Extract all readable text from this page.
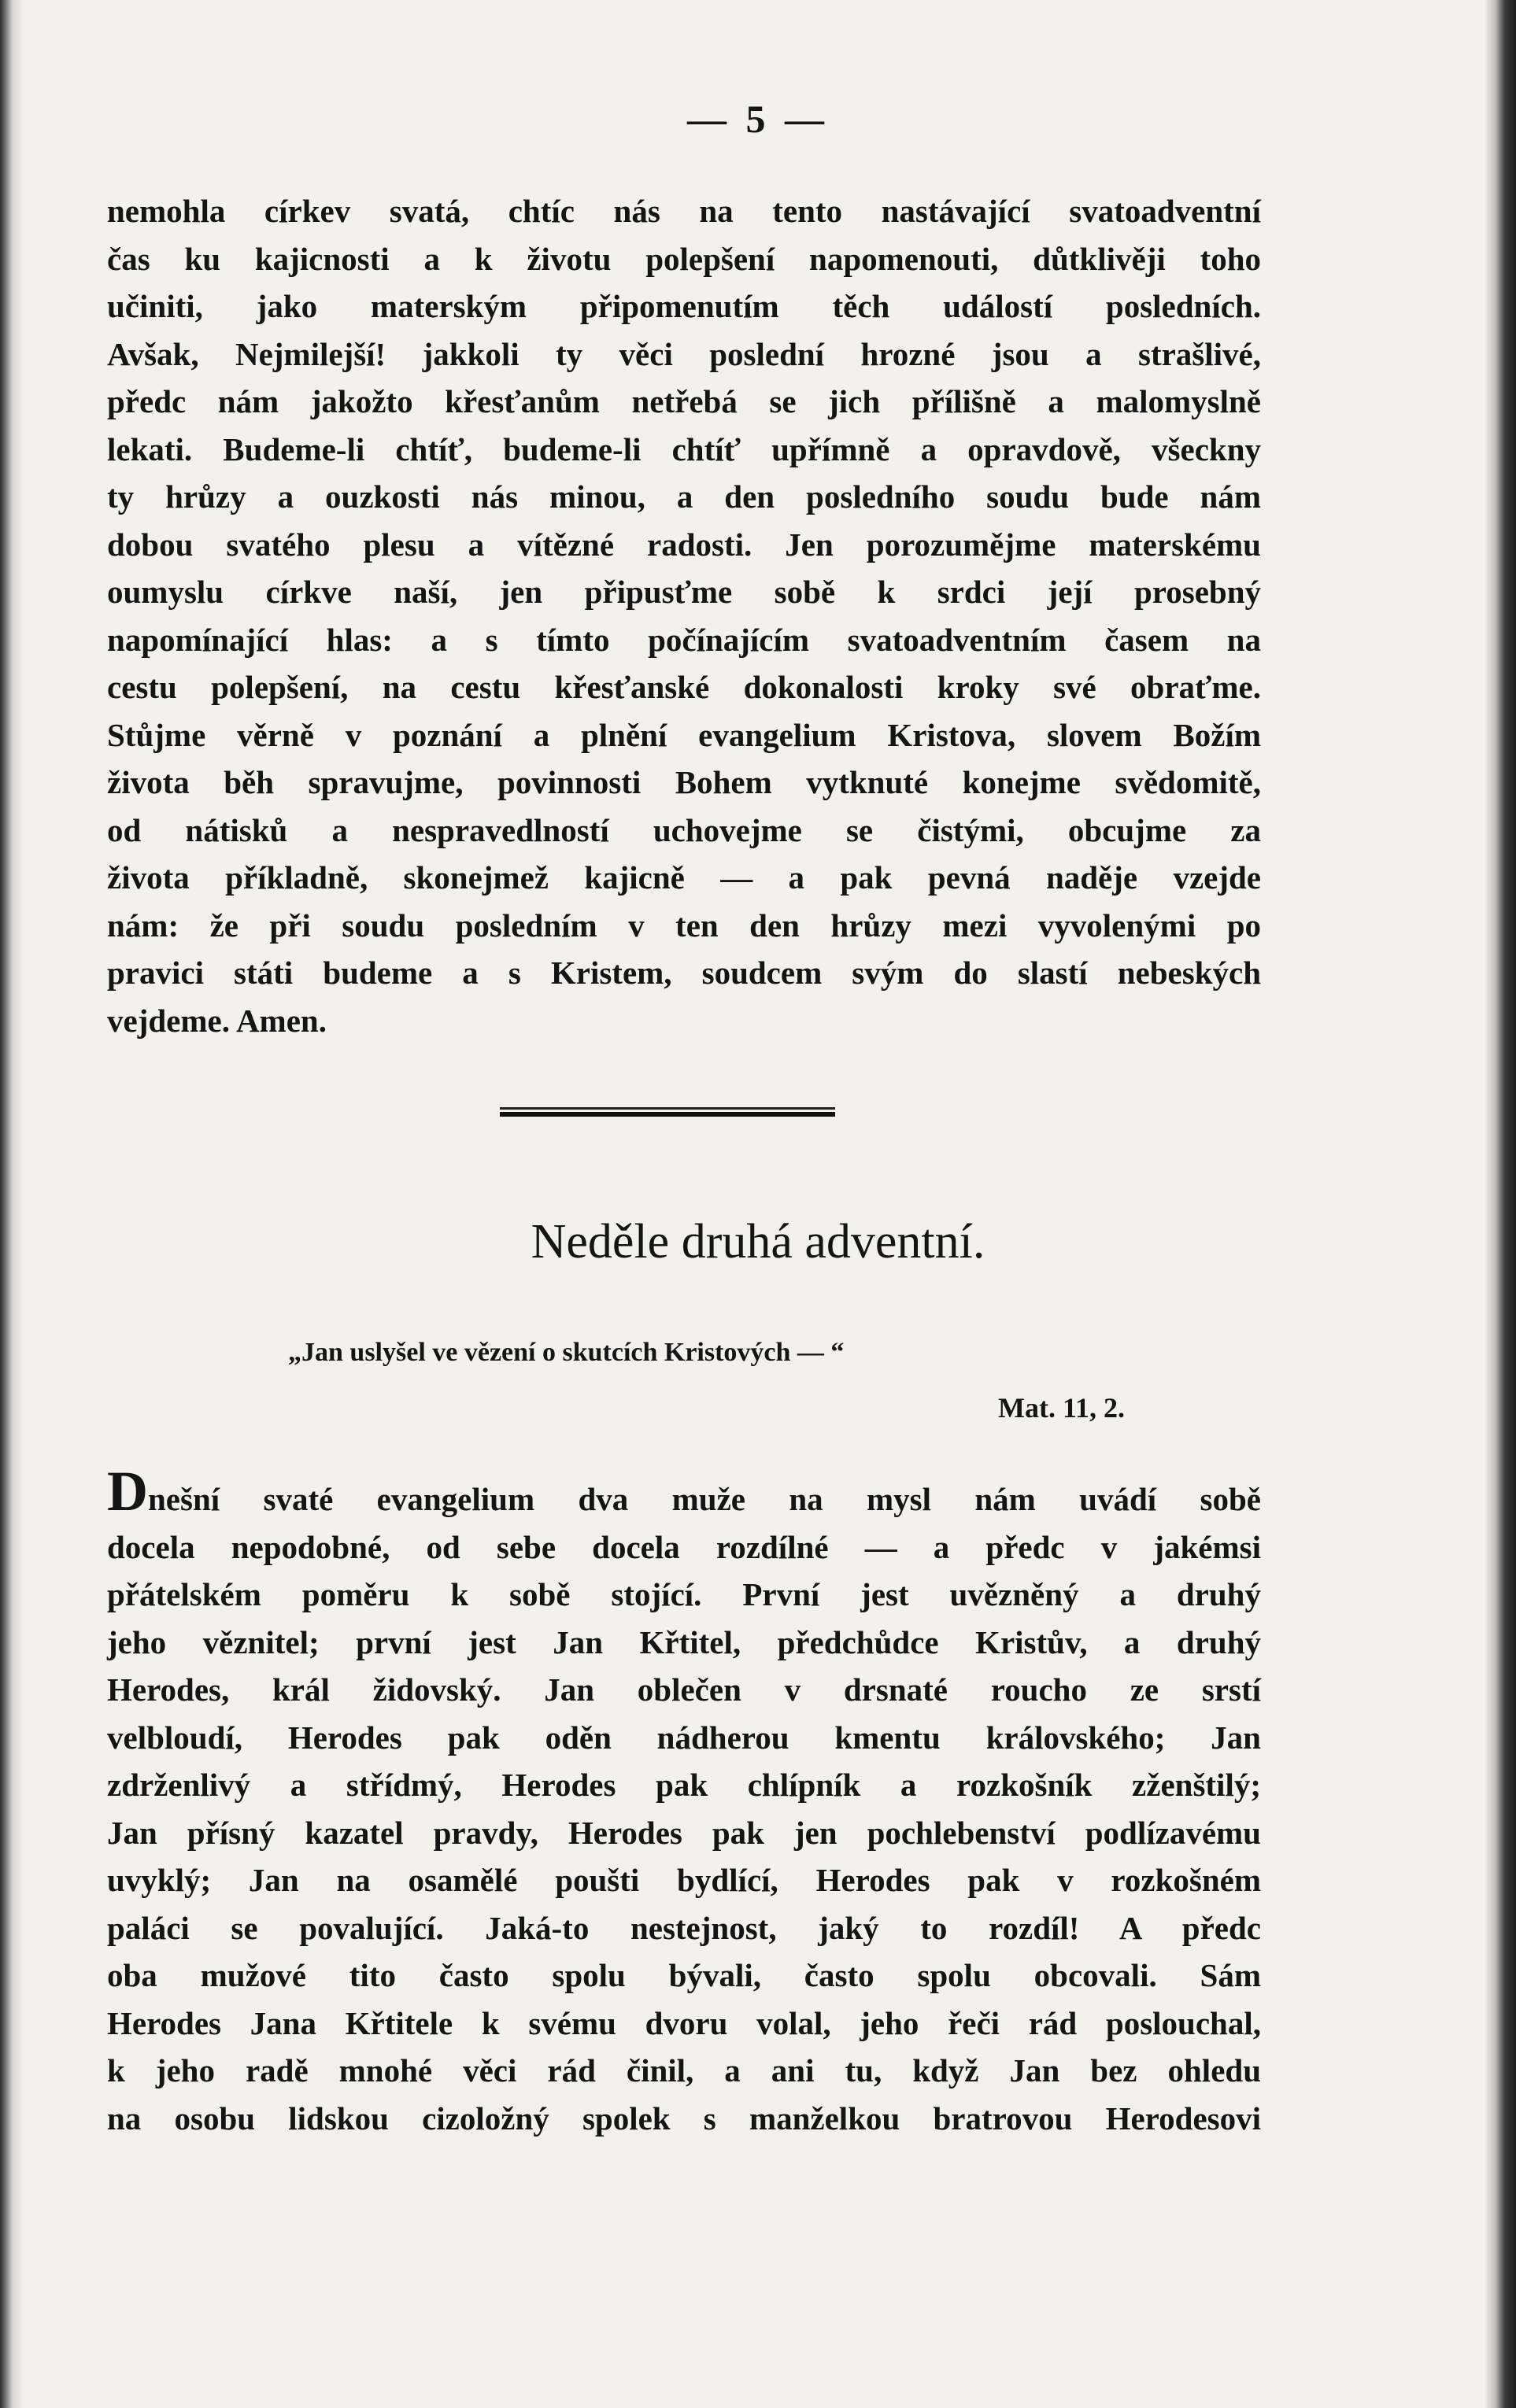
— 5 —
nemohla církev svatá, chtíc nás na tento nastávající svatoadventní
čas ku kajicnosti a k životu polepšení napomenouti, důtklivěji toho
učiniti, jako materským připomenutím těch událostí posledních.
Avšak, Nejmilejší! jakkoli ty věci poslední hrozné jsou a strašlivé,
předc nám jakožto křesťanům netřebá se jich přílišně a malomyslně
lekati. Budeme-li chtíť, budeme-li chtíť upřímně a opravdově, všeckny
ty hrůzy a ouzkosti nás minou, a den posledního soudu bude nám
dobou svatého plesu a vítězné radosti. Jen porozumějme materskému
oumyslu církve naší, jen připusťme sobě k srdci její prosebný
napomínající hlas: a s tímto počínajícím svatoadventním časem na
cestu polepšení, na cestu křesťanské dokonalosti kroky své obraťme.
Stůjme věrně v poznání a plnění evangelium Kristova, slovem Božím
života běh spravujme, povinnosti Bohem vytknuté konejme svědomitě,
od nátisků a nespravedlností uchovejme se čistými, obcujme za
života příkladně, skonejmež kajicně — a pak pevná naděje vzejde
nám: že při soudu posledním v ten den hrůzy mezi vyvolenými po
pravici státi budeme a s Kristem, soudcem svým do slastí nebeských
vejdeme. Amen.
Neděle druhá adventní.
„Jan uslyšel ve vězení o skutcích Kristových — “
Mat. 11, 2.
Dnešní svaté evangelium dva muže na mysl nám uvádí sobě
docela nepodobné, od sebe docela rozdílné — a předc v jakémsi
přátelském poměru k sobě stojící. První jest uvězněný a druhý
jeho věznitel; první jest Jan Křtitel, předchůdce Kristův, a druhý
Herodes, král židovský. Jan oblečen v drsnaté roucho ze srstí
velbloudí, Herodes pak oděn nádherou kmentu královského; Jan
zdrženlivý a střídmý, Herodes pak chlípník a rozkošník zženštilý;
Jan přísný kazatel pravdy, Herodes pak jen pochlebenství podlízavému
uvyklý; Jan na osamělé poušti bydlící, Herodes pak v rozkošném
paláci se povalující. Jaká-to nestejnost, jaký to rozdíl! A předc
oba mužové tito často spolu bývali, často spolu obcovali. Sám
Herodes Jana Křtitele k svému dvoru volal, jeho řeči rád poslouchal,
k jeho radě mnohé věci rád činil, a ani tu, když Jan bez ohledu
na osobu lidskou cizoložný spolek s manželkou bratrovou Herodesovi
